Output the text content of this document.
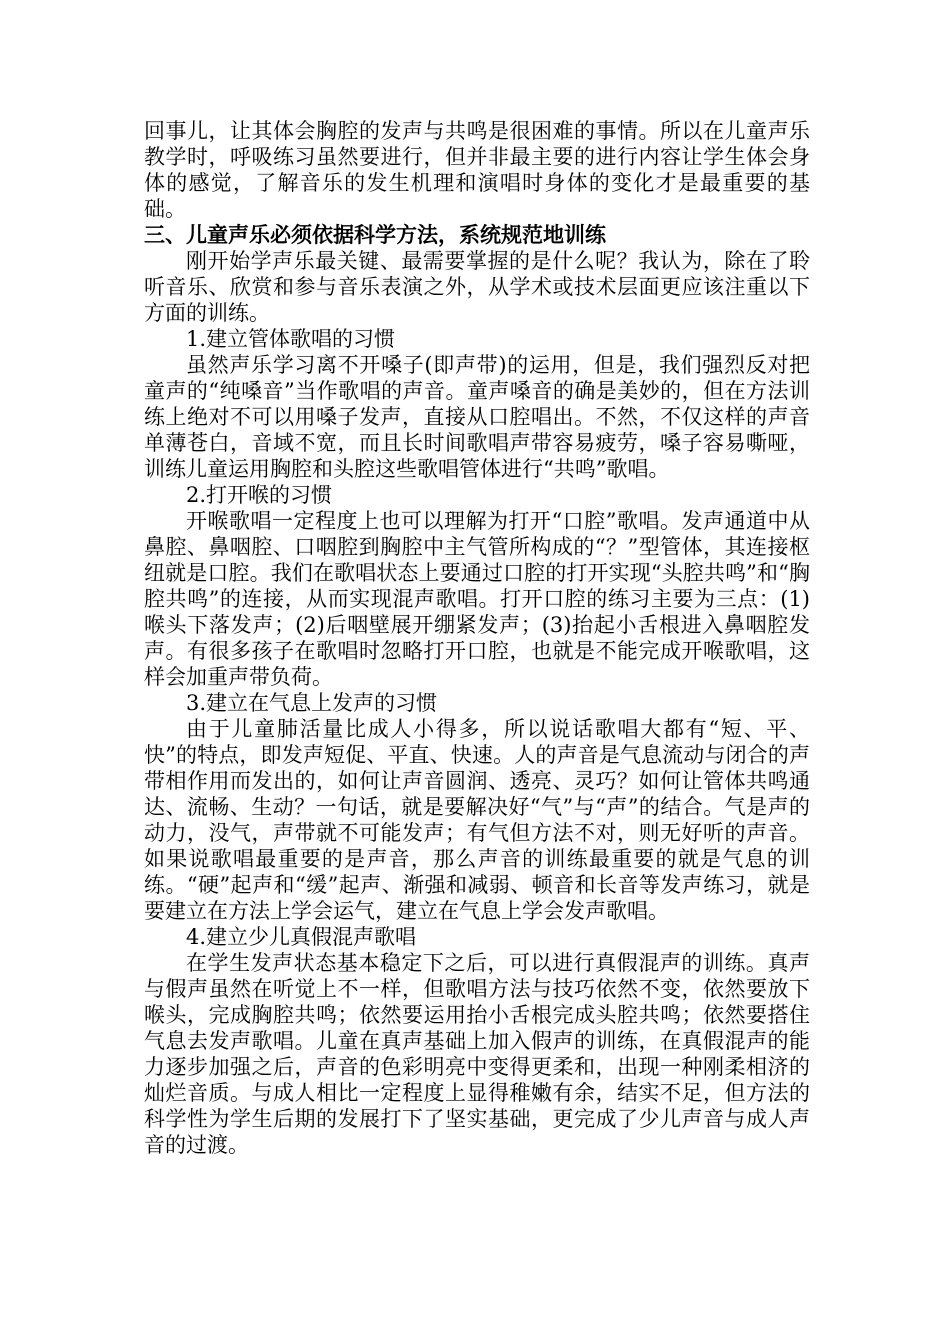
回事儿，让其体会胸腔的发声与共鸣是很困难的事情。所以在儿童声乐教学时，呼吸练习虽然要进行，但并非最主要的进行内容让学生体会身体的感觉，了解音乐的发生机理和演唱时身体的变化才是最重要的基础。

三、儿童声乐必须依据科学方法，系统规范地训练

刚开始学声乐最关键、最需要掌握的是什么呢？我认为，除在了聆听音乐、欣赏和参与音乐表演之外，从学术或技术层面更应该注重以下方面的训练。

1.建立管体歌唱的习惯

虽然声乐学习离不开嗓子(即声带)的运用，但是，我们强烈反对把童声的“纯嗓音”当作歌唱的声音。童声嗓音的确是美妙的，但在方法训练上绝对不可以用嗓子发声，直接从口腔唱出。不然，不仅这样的声音单薄苍白，音域不宽，而且长时间歌唱声带容易疲劳，嗓子容易嘶哑，训练儿童运用胸腔和头腔这些歌唱管体进行“共鸣”歌唱。

2.打开喉的习惯

开喉歌唱一定程度上也可以理解为打开“口腔”歌唱。发声通道中从鼻腔、鼻咽腔、口咽腔到胸腔中主气管所构成的“？”型管体，其连接枢纽就是口腔。我们在歌唱状态上要通过口腔的打开实现“头腔共鸣”和“胸腔共鸣”的连接，从而实现混声歌唱。打开口腔的练习主要为三点：(1)喉头下落发声；(2)后咽壁展开绷紧发声；(3)抬起小舌根进入鼻咽腔发声。有很多孩子在歌唱时忽略打开口腔，也就是不能完成开喉歌唱，这样会加重声带负荷。

3.建立在气息上发声的习惯

由于儿童肺活量比成人小得多，所以说话歌唱大都有“短、平、快”的特点，即发声短促、平直、快速。人的声音是气息流动与闭合的声带相作用而发出的，如何让声音圆润、透亮、灵巧？如何让管体共鸣通达、流畅、生动？一句话，就是要解决好“气”与“声”的结合。气是声的动力，没气，声带就不可能发声；有气但方法不对，则无好听的声音。如果说歌唱最重要的是声音，那么声音的训练最重要的就是气息的训练。“硬”起声和“缓”起声、渐强和减弱、顿音和长音等发声练习，就是要建立在方法上学会运气，建立在气息上学会发声歌唱。

4.建立少儿真假混声歌唱

在学生发声状态基本稳定下之后，可以进行真假混声的训练。真声与假声虽然在听觉上不一样，但歌唱方法与技巧依然不变，依然要放下喉头，完成胸腔共鸣；依然要运用抬小舌根完成头腔共鸣；依然要搭住气息去发声歌唱。儿童在真声基础上加入假声的训练，在真假混声的能力逐步加强之后，声音的色彩明亮中变得更柔和，出现一种刚柔相济的灿烂音质。与成人相比一定程度上显得稚嫩有余，结实不足，但方法的科学性为学生后期的发展打下了坚实基础，更完成了少儿声音与成人声音的过渡。
